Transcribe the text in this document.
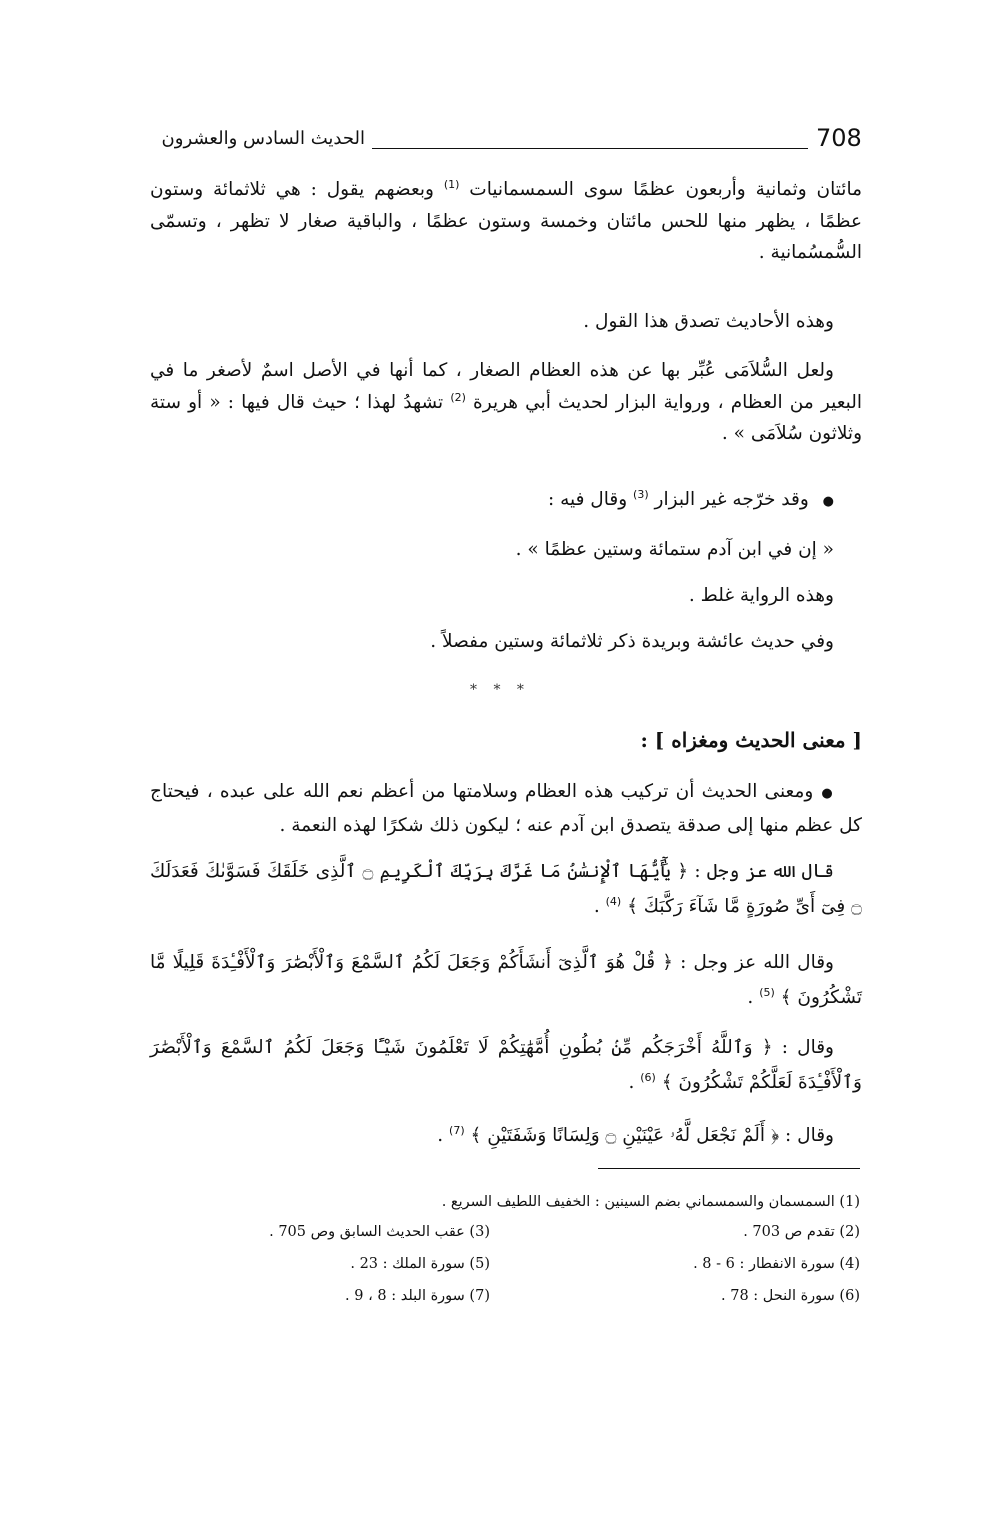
708
الحديث السادس والعشرون

مائتان وثمانية وأربعون عظمًا سوى السمسمانيات $^{(1)}$ وبعضهم يقول : هي ثلاثمائة وستون عظمًا ، يظهر منها للحس مائتان وخمسة وستون عظمًا ، والباقية صغار لا تظهر ، وتسمّى السُّمسُمانية .

وهذه الأحاديث تصدق هذا القول .

ولعل السُّلاَمَى عُبِّر بها عن هذه العظام الصغار ، كما أنها في الأصل اسمٌ لأصغر ما في البعير من العظام ، ورواية البزار لحديث أبي هريرة $^{(2)}$ تشهدُ لهذا ؛ حيث قال فيها : « أو ستة وثلاثون سُلاَمَى » .

● وقد خرّجه غير البزار $^{(3)}$ وقال فيه :

« إن في ابن آدم ستمائة وستين عظمًا » .

وهذه الرواية غلط .

وفي حديث عائشة وبريدة ذكر ثلاثمائة وستين مفصلاً .

* * *
[ معنى الحديث ومغزاه ] :

● ومعنى الحديث أن تركيب هذه العظام وسلامتها من أعظم نعم الله على عبده ، فيحتاج كل عظم منها إلى صدقة يتصدق ابن آدم عنه ؛ ليكون ذلك شكرًا لهذه النعمة .

قال الله عز وجل : ﴿ يَٰٓأَيُّهَا ٱلْإِنسَٰنُ مَا غَرَّكَ بِرَبِّكَ ٱلْكَرِيمِ ۝ ٱلَّذِى خَلَقَكَ فَسَوَّىٰكَ فَعَدَلَكَ ۝ فِىٓ أَىِّ صُورَةٍ مَّا شَآءَ رَكَّبَكَ ﴾ $^{(4)}$ .

وقال الله عز وجل : ﴿ قُلْ هُوَ ٱلَّذِىٓ أَنشَأَكُمْ وَجَعَلَ لَكُمُ ٱلسَّمْعَ وَٱلْأَبْصَٰرَ وَٱلْأَفْـِٔدَةَ قَلِيلًا مَّا تَشْكُرُونَ ﴾ $^{(5)}$ .

وقال : ﴿ وَٱللَّهُ أَخْرَجَكُم مِّنۢ بُطُونِ أُمَّهَٰتِكُمْ لَا تَعْلَمُونَ شَيْـًٔا وَجَعَلَ لَكُمُ ٱلسَّمْعَ وَٱلْأَبْصَٰرَ وَٱلْأَفْـِٔدَةَ لَعَلَّكُمْ تَشْكُرُونَ ﴾ $^{(6)}$ .

وقال : ﴿ أَلَمْ نَجْعَل لَّهُۥ عَيْنَيْنِ ۝ وَلِسَانًا وَشَفَتَيْنِ ﴾ $^{(7)}$ .

(1) السمسمان والسمسماني بضم السينين : الخفيف اللطيف السريع .
(2) تقدم ص 703 .
(3) عقب الحديث السابق وص 705 .
(4) سورة الانفطار : 6 - 8 .
(5) سورة الملك : 23 .
(6) سورة النحل : 78 .
(7) سورة البلد : 8 ، 9 .
